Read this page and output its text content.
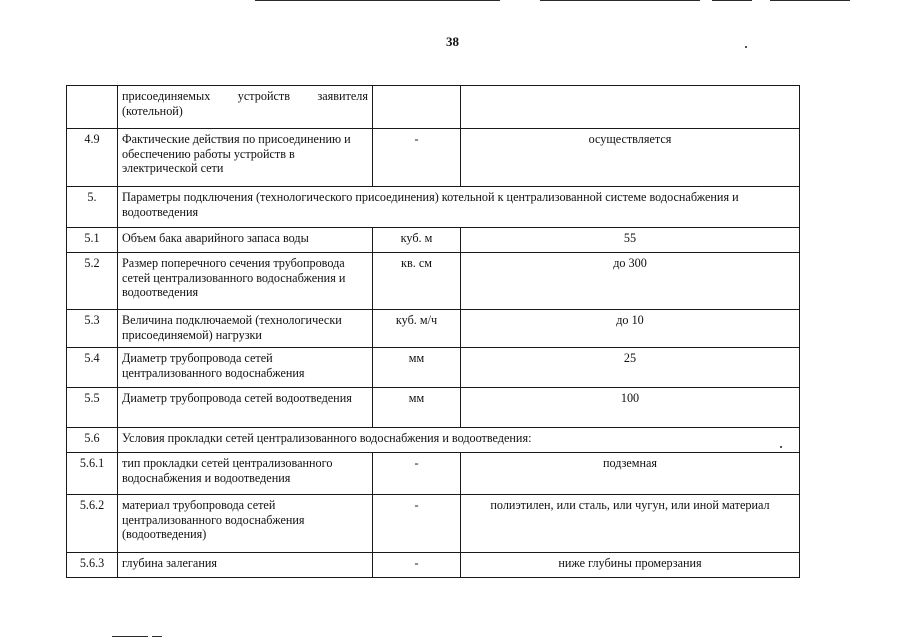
38

	присоединяемых устройств заявителя
(котельной)		

4.9	Фактические действия по присоединению и обеспечению работы устройств в электрической сети	-	осуществляется
5.	Параметры подключения (технологического присоединения) котельной к централизованной системе водоснабжения и водоотведения		
5.1	Объем бака аварийного запаса воды	куб. м	55
5.2	Размер поперечного сечения трубопровода сетей централизованного водоснабжения и водоотведения	кв. см	до 300
5.3	Величина подключаемой (технологически присоединяемой) нагрузки	куб. м/ч	до 10
5.4	Диаметр трубопровода сетей централизованного водоснабжения	мм	25
5.5	Диаметр трубопровода сетей водоотведения	мм	100
5.6	Условия прокладки сетей централизованного водоснабжения и водоотведения:		
5.6.1	тип прокладки сетей централизованного водоснабжения и водоотведения	-	подземная
5.6.2	материал трубопровода сетей централизованного водоснабжения (водоотведения)	-	полиэтилен, или сталь, или чугун, или иной материал
5.6.3	глубина залегания	-	ниже глубины промерзания
